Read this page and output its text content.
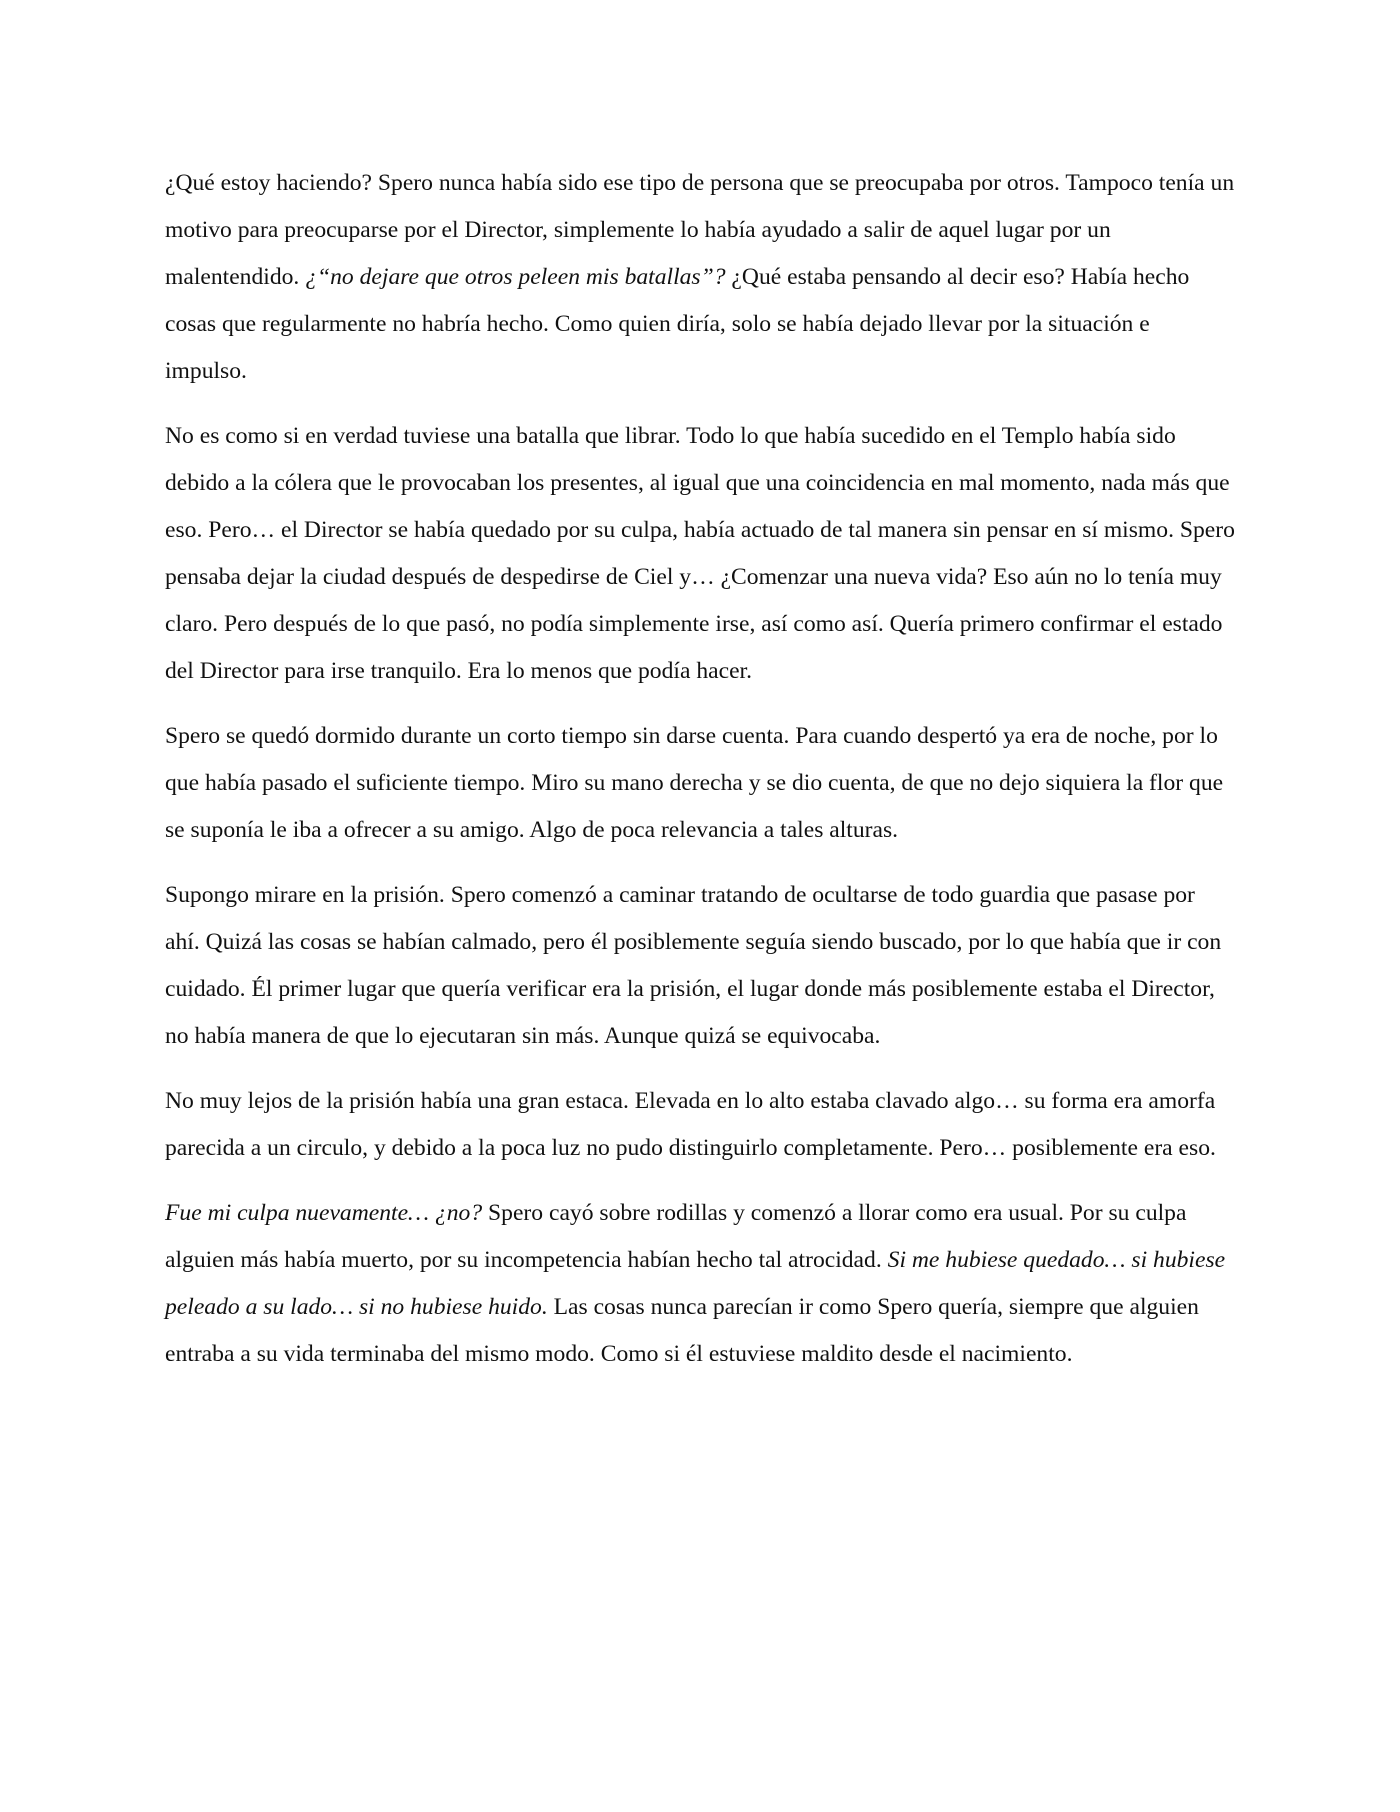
¿Qué estoy haciendo? Spero nunca había sido ese tipo de persona que se preocupaba por otros. Tampoco tenía un motivo para preocuparse por el Director, simplemente lo había ayudado a salir de aquel lugar por un malentendido. ¿“no dejare que otros peleen mis batallas”? ¿Qué estaba pensando al decir eso? Había hecho cosas que regularmente no habría hecho. Como quien diría, solo se había dejado llevar por la situación e impulso.

No es como si en verdad tuviese una batalla que librar. Todo lo que había sucedido en el Templo había sido debido a la cólera que le provocaban los presentes, al igual que una coincidencia en mal momento, nada más que eso. Pero… el Director se había quedado por su culpa, había actuado de tal manera sin pensar en sí mismo. Spero pensaba dejar la ciudad después de despedirse de Ciel y… ¿Comenzar una nueva vida? Eso aún no lo tenía muy claro. Pero después de lo que pasó, no podía simplemente irse, así como así. Quería primero confirmar el estado del Director para irse tranquilo. Era lo menos que podía hacer.

Spero se quedó dormido durante un corto tiempo sin darse cuenta. Para cuando despertó ya era de noche, por lo que había pasado el suficiente tiempo. Miro su mano derecha y se dio cuenta, de que no dejo siquiera la flor que se suponía le iba a ofrecer a su amigo. Algo de poca relevancia a tales alturas.

Supongo mirare en la prisión. Spero comenzó a caminar tratando de ocultarse de todo guardia que pasase por ahí. Quizá las cosas se habían calmado, pero él posiblemente seguía siendo buscado, por lo que había que ir con cuidado. Él primer lugar que quería verificar era la prisión, el lugar donde más posiblemente estaba el Director, no había manera de que lo ejecutaran sin más. Aunque quizá se equivocaba.

No muy lejos de la prisión había una gran estaca. Elevada en lo alto estaba clavado algo… su forma era amorfa parecida a un circulo, y debido a la poca luz no pudo distinguirlo completamente. Pero… posiblemente era eso.

Fue mi culpa nuevamente… ¿no? Spero cayó sobre rodillas y comenzó a llorar como era usual. Por su culpa alguien más había muerto, por su incompetencia habían hecho tal atrocidad. Si me hubiese quedado… si hubiese peleado a su lado… si no hubiese huido. Las cosas nunca parecían ir como Spero quería, siempre que alguien entraba a su vida terminaba del mismo modo. Como si él estuviese maldito desde el nacimiento.
